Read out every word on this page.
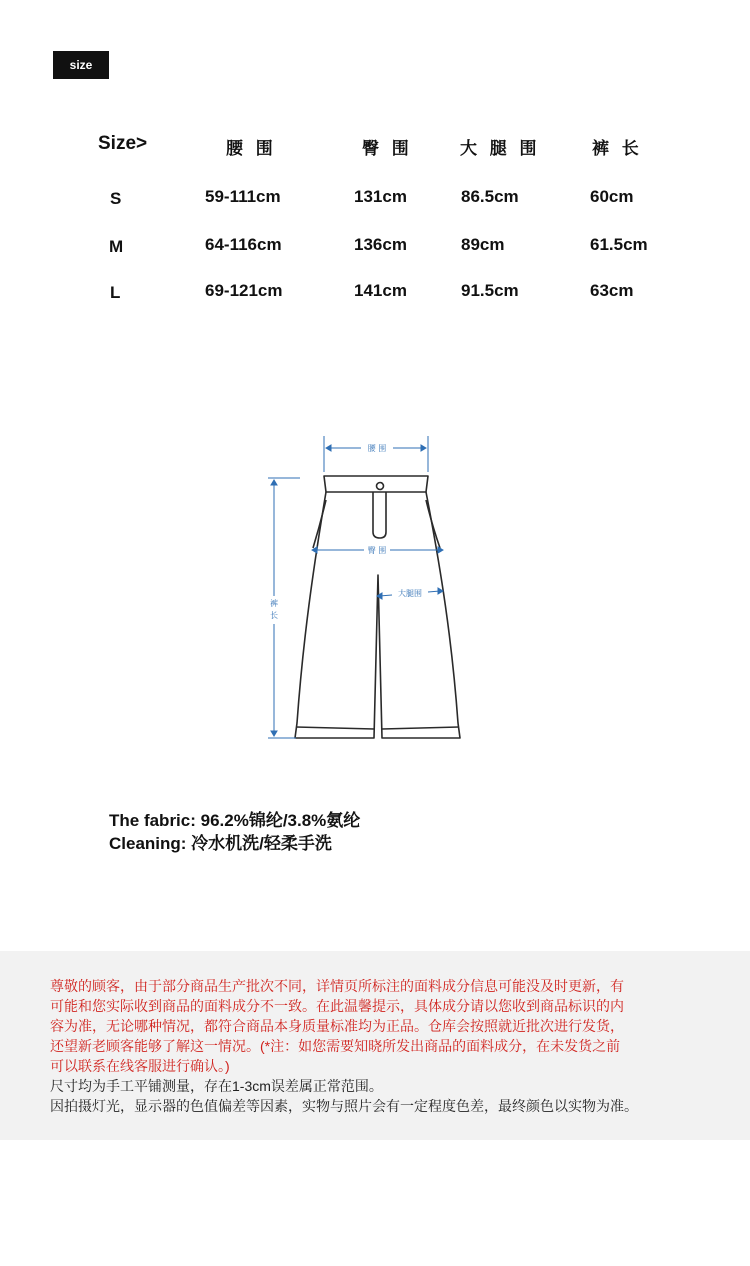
size
Size>	腰 围	臀 围	大 腿 围	裤 长
S	59-111cm	131cm	86.5cm	60cm
M	64-116cm	136cm	89cm	61.5cm
L	69-121cm	141cm	91.5cm	63cm
腰 围
臀 围
大腿围
裤
长
The fabric: 96.2%锦纶/3.8%氨纶
Cleaning: 冷水机洗/轻柔手洗
尊敬的顾客，由于部分商品生产批次不同，详情页所标注的面料成分信息可能没及时更新，有
可能和您实际收到商品的面料成分不一致。在此温馨提示，具体成分请以您收到商品标识的内
容为准，无论哪种情况，都符合商品本身质量标准均为正品。仓库会按照就近批次进行发货，
还望新老顾客能够了解这一情况。(*注：如您需要知晓所发出商品的面料成分，在未发货之前
可以联系在线客服进行确认。)
尺寸均为手工平铺测量，存在1-3cm误差属正常范围。
因拍摄灯光，显示器的色值偏差等因素，实物与照片会有一定程度色差，最终颜色以实物为准。
